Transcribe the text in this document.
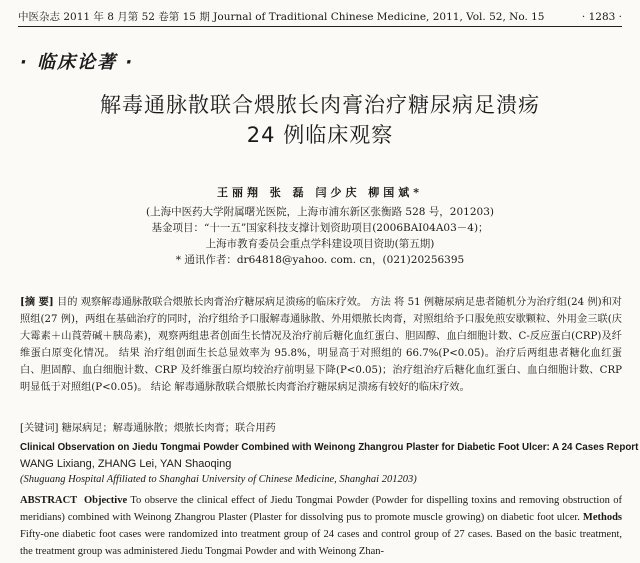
中医杂志 2011 年 8 月第 52 卷第 15 期 Journal of Traditional Chinese Medicine, 2011, Vol. 52, No. 15	· 1283 ·
· 临床论著 ·
解毒通脉散联合煨脓长肉膏治疗糖尿病足溃疡
24 例临床观察
王丽翔 张 磊 闫少庆 柳国斌*
(上海中医药大学附属曙光医院，上海市浦东新区张衡路 528 号，201203)
基金项目：“十一五”国家科技支撑计划资助项目(2006BAI04A03－4)；
上海市教育委员会重点学科建设项目资助(第五期)
* 通讯作者：dr64818@yahoo. com. cn，(021)20256395
[摘 要] 目的 观察解毒通脉散联合煨脓长肉膏治疗糖尿病足溃疡的临床疗效。 方法 将 51 例糖尿病足患者随机分为治疗组(24 例)和对照组(27 例)，两组在基础治疗的同时，治疗组给予口服解毒通脉散、外用煨脓长肉膏，对照组给予口服免煎安歇颗粒、外用金三联(庆大霉素＋山莨菪碱＋胰岛素)，观察两组患者创面生长情况及治疗前后糖化血红蛋白、胆固醇、血白细胞计数、C-反应蛋白(CRP)及纤维蛋白原变化情况。 结果 治疗组创面生长总显效率为 95.8%，明显高于对照组的 66.7%(P<0.05)。治疗后两组患者糖化血红蛋白、胆固醇、血白细胞计数、CRP 及纤维蛋白原均较治疗前明显下降(P<0.05)；治疗组治疗后糖化血红蛋白、血白细胞计数、CRP 明显低于对照组(P<0.05)。 结论 解毒通脉散联合煨脓长肉膏治疗糖尿病足溃疡有较好的临床疗效。
[关键词] 糖尿病足；解毒通脉散；煨脓长肉膏；联合用药
Clinical Observation on Jiedu Tongmai Powder Combined with Weinong Zhangrou Plaster for Diabetic Foot Ulcer: A 24 Cases Report
WANG Lixiang, ZHANG Lei, YAN Shaoqing
(Shuguang Hospital Affiliated to Shanghai University of Chinese Medicine, Shanghai 201203)
ABSTRACT Objective To observe the clinical effect of Jiedu Tongmai Powder (Powder for dispelling toxins and removing obstruction of meridians) combined with Weinong Zhangrou Plaster (Plaster for dissolving pus to promote muscle growing) on diabetic foot ulcer. Methods Fifty-one diabetic foot cases were randomized into treatment group of 24 cases and control group of 27 cases. Based on the basic treatment, the treatment group was administered Jiedu Tongmai Powder and with Weinong Zhan-
